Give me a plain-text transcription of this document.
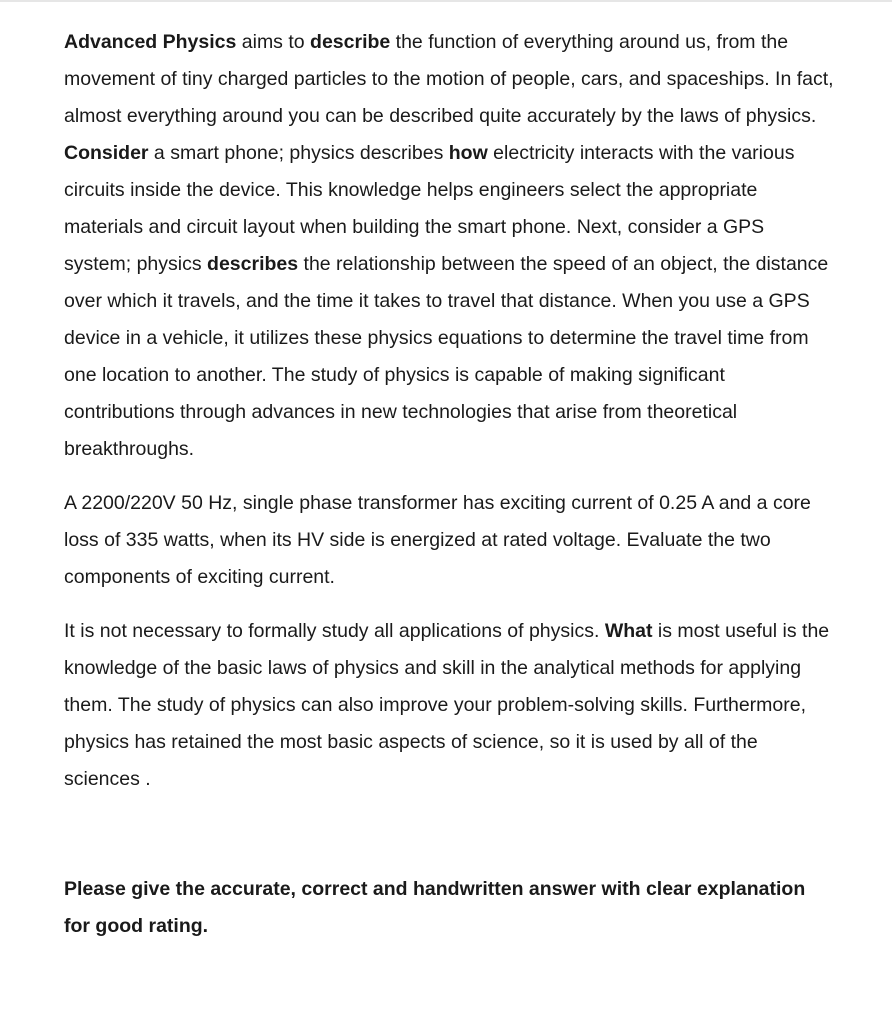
Advanced Physics aims to describe the function of everything around us, from the movement of tiny charged particles to the motion of people, cars, and spaceships. In fact, almost everything around you can be described quite accurately by the laws of physics. Consider a smart phone; physics describes how electricity interacts with the various circuits inside the device. This knowledge helps engineers select the appropriate materials and circuit layout when building the smart phone. Next, consider a GPS system; physics describes the relationship between the speed of an object, the distance over which it travels, and the time it takes to travel that distance. When you use a GPS device in a vehicle, it utilizes these physics equations to determine the travel time from one location to another. The study of physics is capable of making significant contributions through advances in new technologies that arise from theoretical breakthroughs.

A 2200/220V 50 Hz, single phase transformer has exciting current of 0.25 A and a core loss of 335 watts, when its HV side is energized at rated voltage. Evaluate the two components of exciting current.

It is not necessary to formally study all applications of physics. What is most useful is the knowledge of the basic laws of physics and skill in the analytical methods for applying them. The study of physics can also improve your problem-solving skills. Furthermore, physics has retained the most basic aspects of science, so it is used by all of the sciences .

Please give the accurate, correct and handwritten answer with clear explanation for good rating.
